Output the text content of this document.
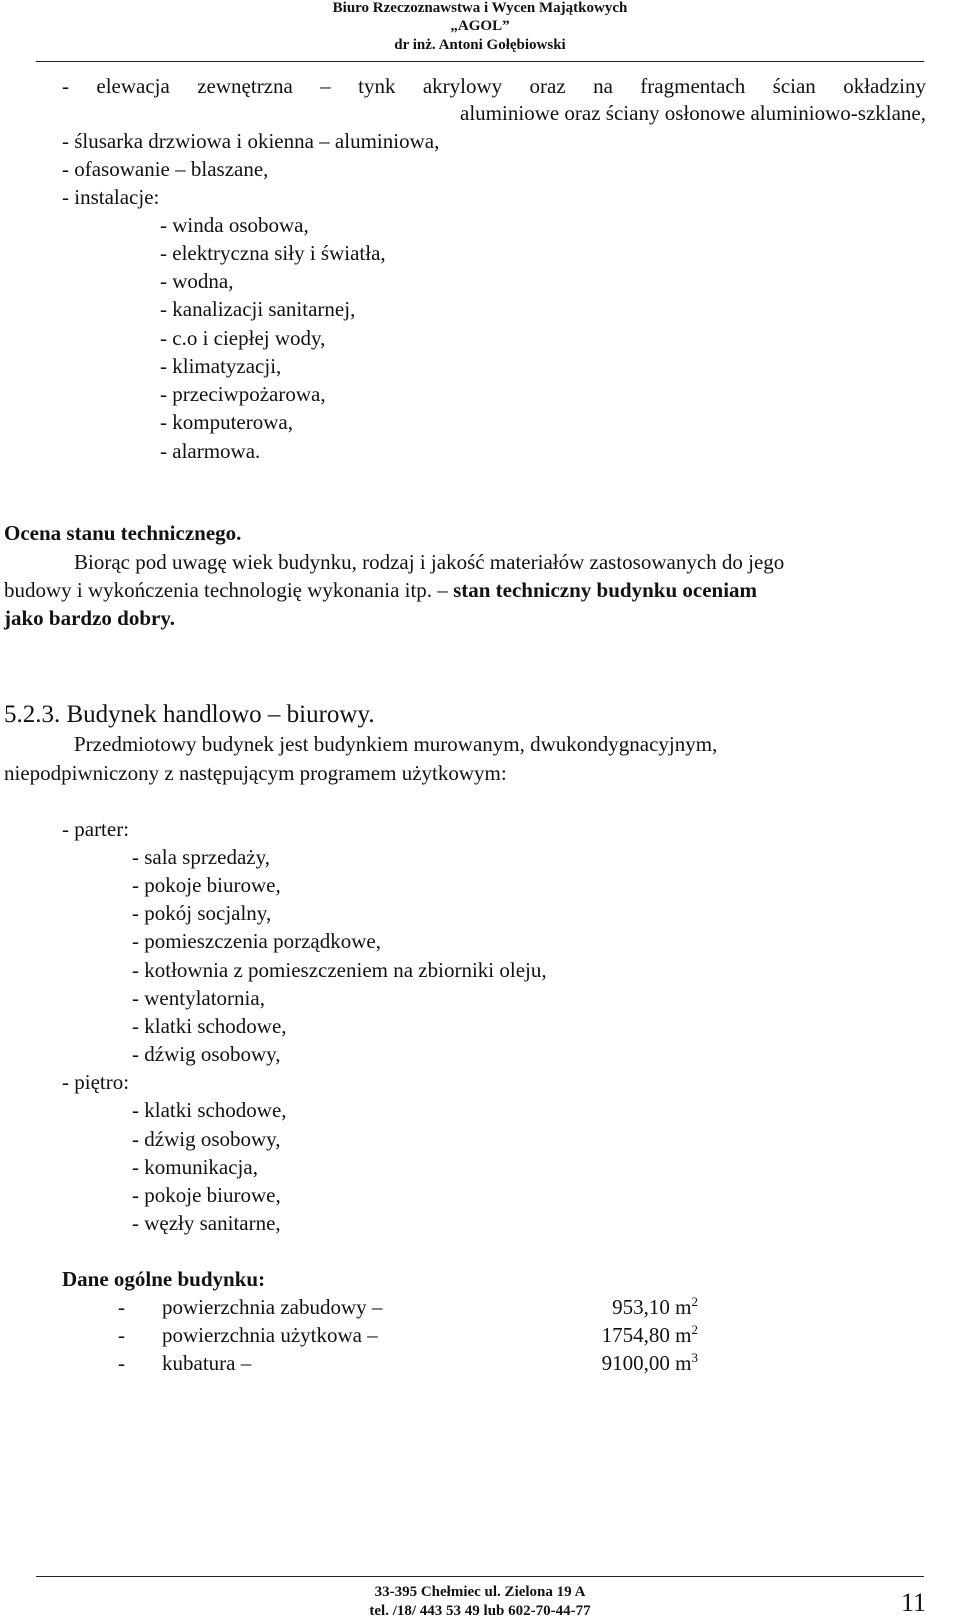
Biuro Rzeczoznawstwa i Wycen Majątkowych
„AGOL”
dr inż. Antoni Gołębiowski
- elewacja zewnętrzna – tynk akrylowy oraz na fragmentach ścian okładziny
aluminiowe oraz ściany osłonowe aluminiowo-szklane,
- ślusarka drzwiowa i okienna – aluminiowa,
- ofasowanie – blaszane,
- instalacje:
- winda osobowa,
- elektryczna siły i światła,
- wodna,
- kanalizacji sanitarnej,
- c.o i ciepłej wody,
- klimatyzacji,
- przeciwpożarowa,
- komputerowa,
- alarmowa.
Ocena stanu technicznego.
Biorąc pod uwagę wiek budynku, rodzaj i jakość materiałów zastosowanych do jego
budowy i wykończenia technologię wykonania itp. – stan techniczny budynku oceniam
jako bardzo dobry.
5.2.3. Budynek handlowo – biurowy.
Przedmiotowy budynek jest budynkiem murowanym, dwukondygnacyjnym,
niepodpiwniczony z następującym programem użytkowym:
- parter:
- sala sprzedaży,
- pokoje biurowe,
- pokój socjalny,
- pomieszczenia porządkowe,
- kotłownia z pomieszczeniem na zbiorniki oleju,
- wentylatornia,
- klatki schodowe,
- dźwig osobowy,
- piętro:
- klatki schodowe,
- dźwig osobowy,
- komunikacja,
- pokoje biurowe,
- węzły sanitarne,
Dane ogólne budynku:
- powierzchnia zabudowy –	953,10 $m^2$
- powierzchnia użytkowa –	1754,80 $m^2$
- kubatura –	9100,00 $m^3$
33-395 Chełmiec ul. Zielona 19 A
tel. /18/ 443 53 49 lub 602-70-44-77	11
